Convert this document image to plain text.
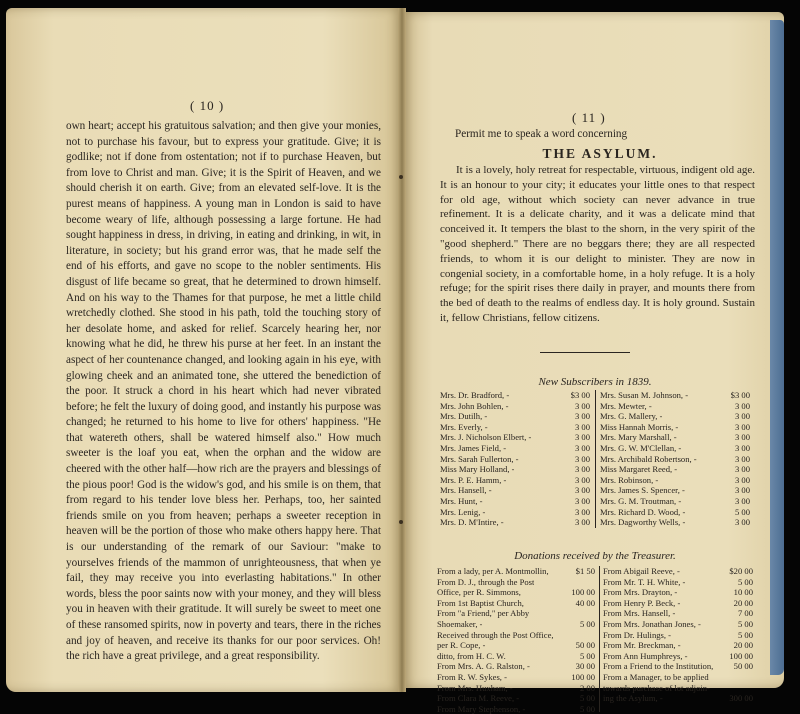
( 10 )

own heart; accept his gratuitous salvation; and then give your monies, not to purchase his favour, but to express your gratitude. Give; it is godlike; not if done from ostentation; not if to purchase Heaven, but from love to Christ and man. Give; it is the Spirit of Heaven, and we should cherish it on earth. Give; from an elevated self-love. It is the purest means of happiness. A young man in London is said to have become weary of life, although possessing a large fortune. He had sought happiness in dress, in driving, in eating and drinking, in wit, in literature, in society; but his grand error was, that he made self the end of his efforts, and gave no scope to the nobler sentiments. His disgust of life became so great, that he determined to drown himself. And on his way to the Thames for that purpose, he met a little child wretchedly clothed. She stood in his path, told the touching story of her desolate home, and asked for relief. Scarcely hearing her, nor knowing what he did, he threw his purse at her feet. In an instant the aspect of her countenance changed, and looking again in his eye, with glowing cheek and an animated tone, she uttered the benediction of the poor. It struck a chord in his heart which had never vibrated before; he felt the luxury of doing good, and instantly his purpose was changed; he returned to his home to live for others' happiness. "He that watereth others, shall be watered himself also." How much sweeter is the loaf you eat, when the orphan and the widow are cheered with the other half—how rich are the prayers and blessings of the pious poor! God is the widow's god, and his smile is on them, that from regard to his tender love bless her. Perhaps, too, her sainted friends smile on you from heaven; perhaps a sweeter reception in heaven will be the portion of those who make others happy here. That is our understanding of the remark of our Saviour: "make to yourselves friends of the mammon of unrighteousness, that when ye fail, they may receive you into everlasting habitations." In other words, bless the poor saints now with your money, and they will bless you in heaven with their gratitude. It will surely be sweet to meet one of these ransomed spirits, now in poverty and tears, there in the riches and joy of heaven, and receive its thanks for our poor services. Oh! the rich have a great privilege, and a great responsibility.

( 11 )
Permit me to speak a word concerning
THE ASYLUM.

It is a lovely, holy retreat for respectable, virtuous, indigent old age. It is an honour to your city; it educates your little ones to that respect for old age, without which society can never advance in true refinement. It is a delicate charity, and it was a delicate mind that conceived it. It tempers the blast to the shorn, in the very spirit of the "good shepherd." There are no beggars there; they are all respected friends, to whom it is our delight to minister. They are now in congenial society, in a comfortable home, in a holy refuge. It is a holy refuge; for the spirit rises there daily in prayer, and mounts there from the bed of death to the realms of endless day. It is holy ground. Sustain it, fellow Christians, fellow citizens.

New Subscribers in 1839.
Mrs. Dr. Bradford, -	$3 00
Mrs. John Bohlen, -	3 00
Mrs. Dutilh, -	3 00
Mrs. Everly, -	3 00
Mrs. J. Nicholson Elbert, -	3 00
Mrs. James Field, -	3 00
Mrs. Sarah Fullerton, -	3 00
Miss Mary Holland, -	3 00
Mrs. P. E. Hamm, -	3 00
Mrs. Hansell, -	3 00
Mrs. Hunt, -	3 00
Mrs. Lenig, -	3 00
Mrs. D. M'Intire, -	3 00
Mrs. Susan M. Johnson, -	$3 00
Mrs. Mewter, -	3 00
Mrs. G. Mallery, -	3 00
Miss Hannah Morris, -	3 00
Mrs. Mary Marshall, -	3 00
Mrs. G. W. M'Clellan, -	3 00
Mrs. Archibald Robertson, -	3 00
Miss Margaret Reed, -	3 00
Mrs. Robinson, -	3 00
Mrs. James S. Spencer, -	3 00
Mrs. G. M. Troutman, -	3 00
Mrs. Richard D. Wood, -	5 00
Mrs. Dagworthy Wells, -	3 00
Donations received by the Treasurer.
From a lady, per A. Montmollin,	$1 50
From D. J., through the Post
Office, per R. Simmons,	100 00
From 1st Baptist Church,	40 00
From "a Friend," per Abby
Shoemaker, -	5 00
Received through the Post Office,
per R. Cope, -	50 00
ditto, from H. C. W.	5 00
From Mrs. A. G. Ralston, -	30 00
From R. W. Sykes, -	100 00
From Mrs. Huxham, -	2 00
From Clara M. Reeve, -	5 00
From Mary Stephenson, -	5 00
From Abigail Reeve, -	$20 00
From Mr. T. H. White, -	5 00
From Mrs. Drayton, -	10 00
From Henry P. Beck, -	20 00
From Mrs. Hansell, -	7 00
From Mrs. Jonathan Jones, -	5 00
From Dr. Hulings, -	5 00
From Mr. Breckman, -	20 00
From Ann Humphreys, -	100 00
From a Friend to the Institution,	50 00
From a Manager, to be applied
towards purchase of lot adjoin-
ing the Asylum, -	300 00
